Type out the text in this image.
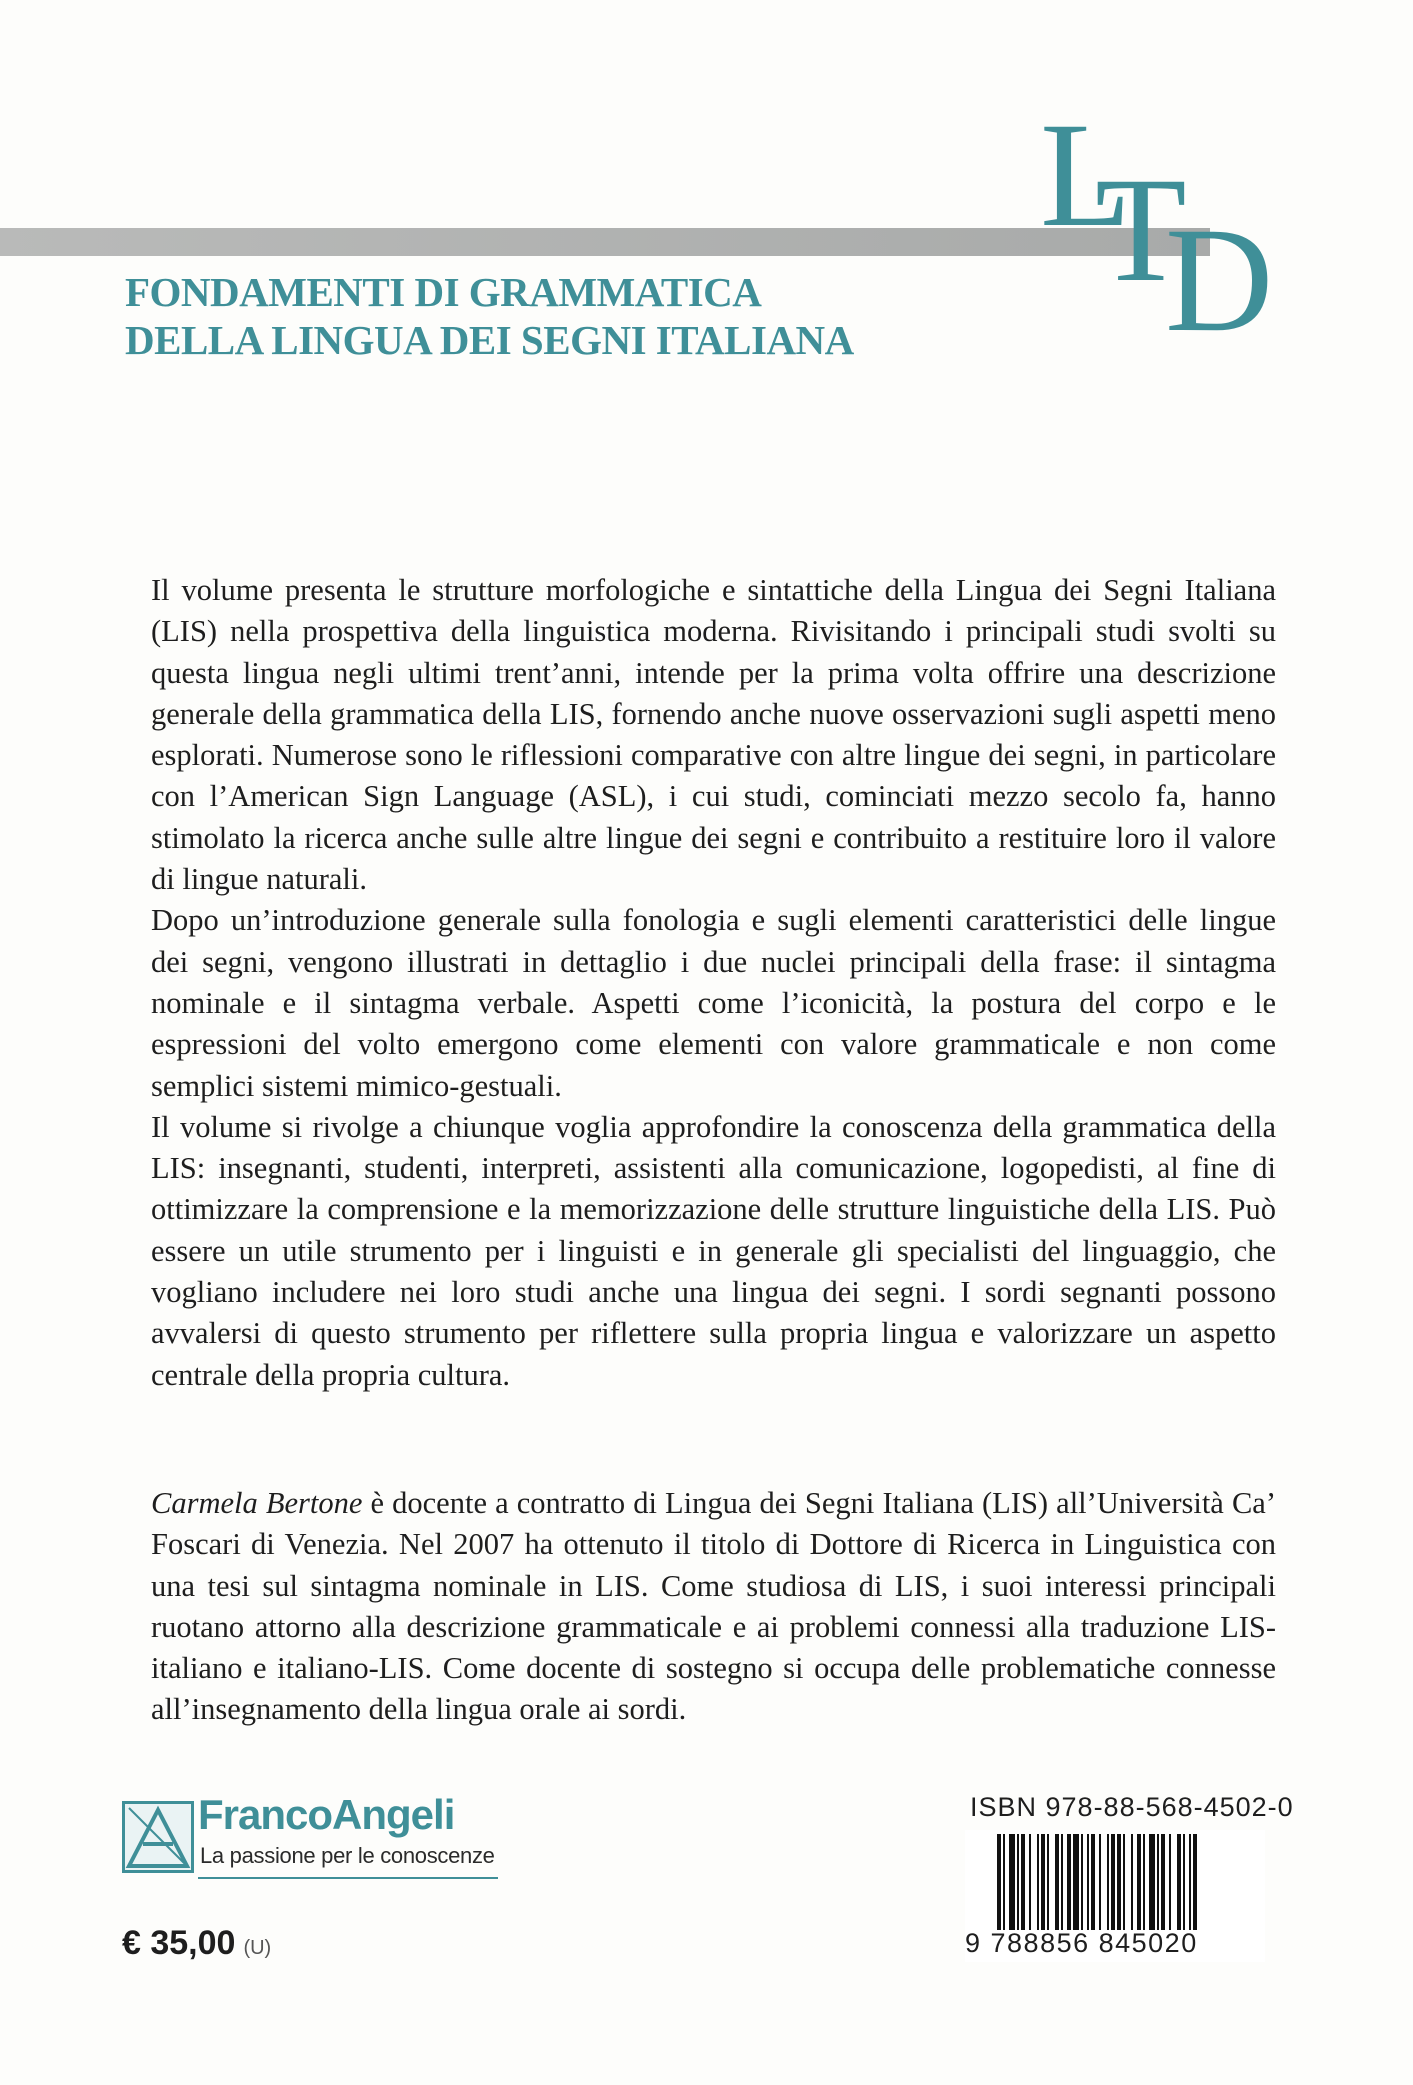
L
T
D
FONDAMENTI DI GRAMMATICA
DELLA LINGUA DEI SEGNI ITALIANA

Il volume presenta le strutture morfologiche e sintattiche della Lingua dei Segni Italiana (LIS) nella prospettiva della linguistica moderna. Rivisitando i principali studi svolti su questa lingua negli ultimi trent’anni, intende per la prima volta offrire una descrizione generale della grammatica della LIS, fornendo anche nuove osservazioni sugli aspetti meno esplorati. Numerose sono le riflessioni comparative con altre lingue dei segni, in particolare con l’American Sign Language (ASL), i cui studi, cominciati mezzo secolo fa, hanno stimolato la ricerca anche sulle altre lingue dei segni e contribuito a restituire loro il valore di lingue naturali.

Dopo un’introduzione generale sulla fonologia e sugli elementi caratteristici delle lingue dei segni, vengono illustrati in dettaglio i due nuclei principali della frase: il sintagma nominale e il sintagma verbale. Aspetti come l’iconicità, la postura del corpo e le espressioni del volto emergono come elementi con valore grammaticale e non come semplici sistemi mimico-gestuali.

Il volume si rivolge a chiunque voglia approfondire la conoscenza della grammatica della LIS: insegnanti, studenti, interpreti, assistenti alla comunicazione, logopedisti, al fine di ottimizzare la comprensione e la memorizzazione delle strutture linguistiche della LIS. Può essere un utile strumento per i linguisti e in generale gli specialisti del linguaggio, che vogliano includere nei loro studi anche una lingua dei segni. I sordi segnanti possono avvalersi di questo strumento per riflettere sulla propria lingua e valorizzare un aspetto centrale della propria cultura.

Carmela Bertone è docente a contratto di Lingua dei Segni Italiana (LIS) all’Università Ca’ Foscari di Venezia. Nel 2007 ha ottenuto il titolo di Dottore di Ricerca in Linguistica con una tesi sul sintagma nominale in LIS. Come studiosa di LIS, i suoi interessi principali ruotano attorno alla descrizione grammaticale e ai problemi connessi alla traduzione LIS-italiano e italiano-LIS. Come docente di sostegno si occupa delle problematiche connesse all’insegnamento della lingua orale ai sordi.
FrancoAngeli
La passione per le conoscenze
€ 35,00 (U)
ISBN 978-88-568-4502-0
9 788856 845020
